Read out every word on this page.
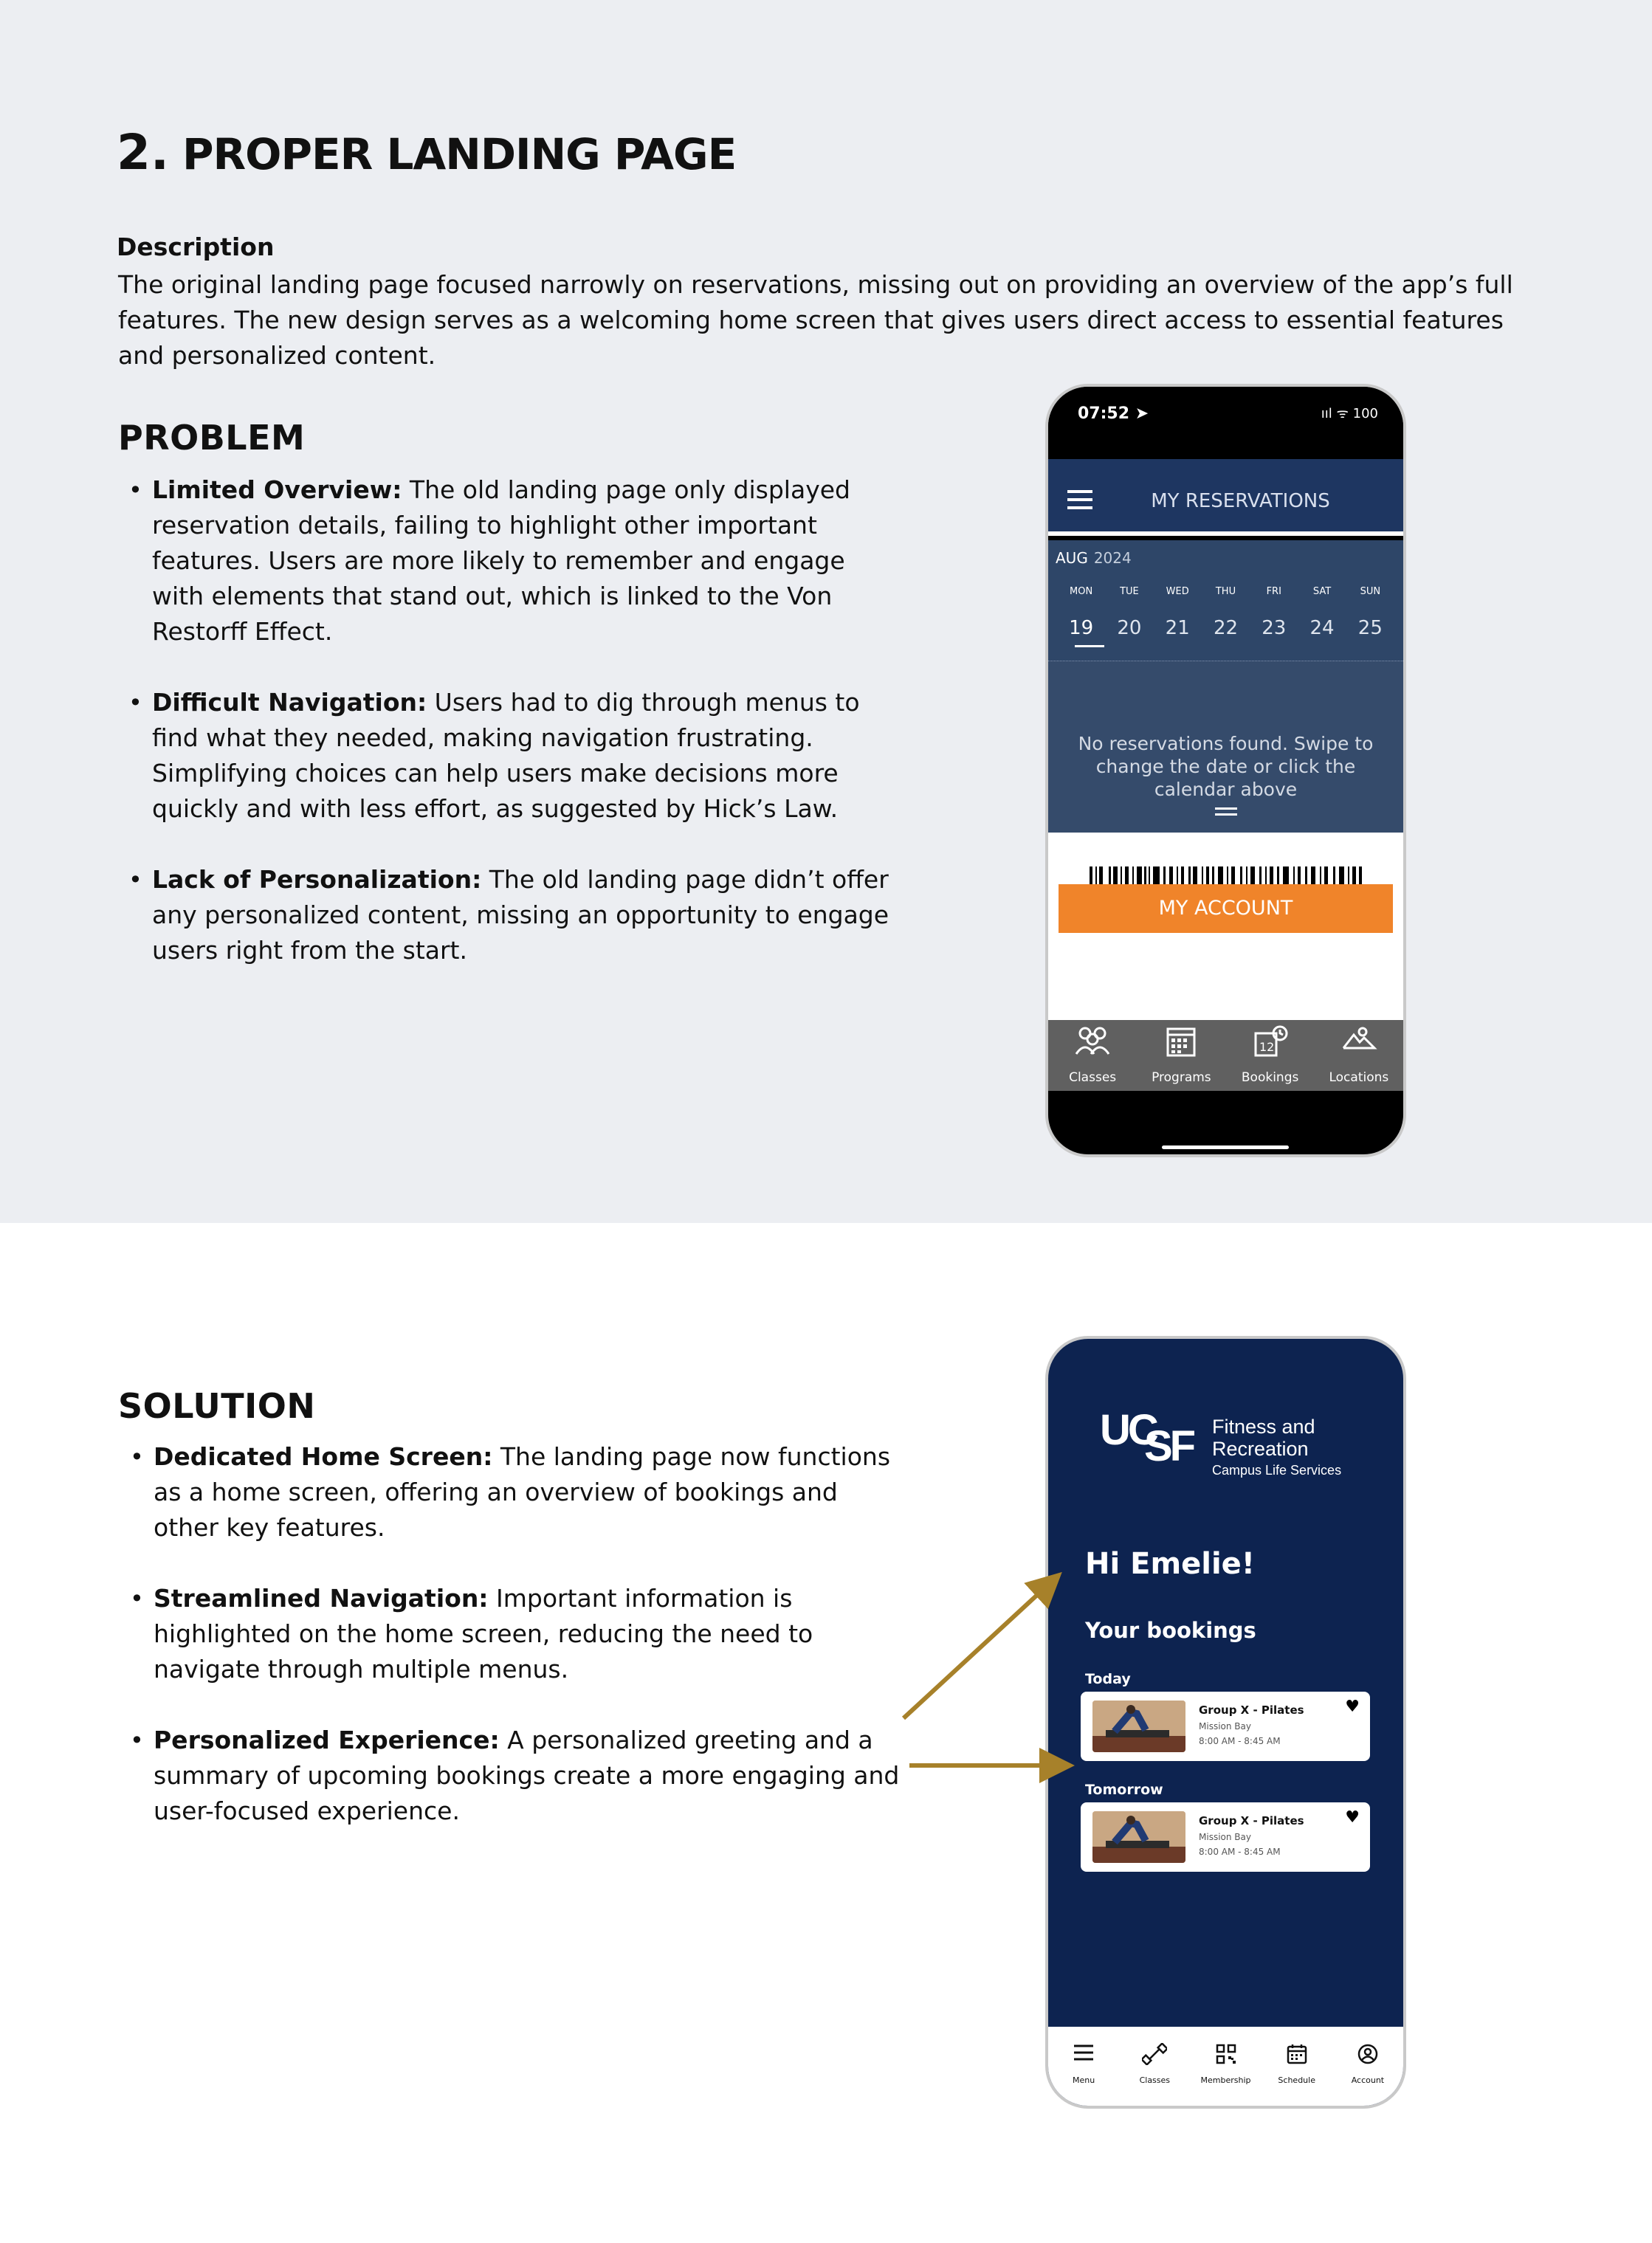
2. PROPER LANDING PAGE
Description

The original landing page focused narrowly on reservations, missing out on providing an overview of the app’s full features. The new design serves as a welcoming home screen that gives users direct access to essential features and personalized content.

PROBLEM
• Limited Overview: The old landing page only displayed reservation details, failing to highlight other important features. Users are more likely to remember and engage with elements that stand out, which is linked to the Von Restorff Effect.
• Difficult Navigation: Users had to dig through menus to find what they needed, making navigation frustrating. Simplifying choices can help users make decisions more quickly and with less effort, as suggested by Hick’s Law.
• Lack of Personalization: The old landing page didn’t offer any personalized content, missing an opportunity to engage users right from the start.
SOLUTION
• Dedicated Home Screen: The landing page now functions as a home screen, offering an overview of bookings and other key features.
• Streamlined Navigation: Important information is highlighted on the home screen, reducing the need to navigate through multiple menus.
• Personalized Experience: A personalized greeting and a summary of upcoming bookings create a more engaging and user-focused experience.
07:52 ➤	ııl ᯤ 100
MY RESERVATIONS
AUG 2024
MON	TUE	WED	THU	FRI	SAT	SUN
19	20	21	22	23	24	25
No reservations found. Swipe to change the date or click the calendar above
MY ACCOUNT
Classes	Programs
12
Bookings	Locations
UC
SF Fitness and
Recreation
Campus Life Services
Hi Emelie!
Your bookings
Today
Group X - Pilates
Mission Bay
8:00 AM - 8:45 AM
♥
Tomorrow
Group X - Pilates
Mission Bay
8:00 AM - 8:45 AM
♥
Menu	Classes	Membership	Schedule	Account
